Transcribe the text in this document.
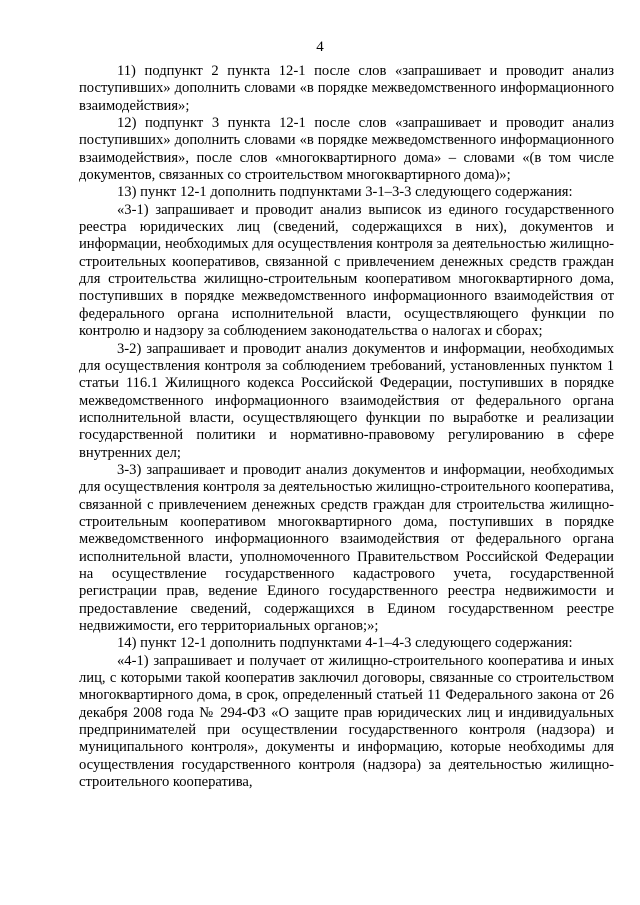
4

11) подпункт 2 пункта 12-1 после слов «запрашивает и проводит анализ поступивших» дополнить словами «в порядке межведомственного информационного взаимодействия»;

12) подпункт 3 пункта 12-1 после слов «запрашивает и проводит анализ поступивших» дополнить словами «в порядке межведомственного информационного взаимодействия», после слов «многоквартирного дома» – словами «(в том числе документов, связанных со строительством многоквартирного дома)»;

13) пункт 12-1 дополнить подпунктами 3-1–3-3 следующего содержания:

«3-1) запрашивает и проводит анализ выписок из единого государственного реестра юридических лиц (сведений, содержащихся в них), документов и информации, необходимых для осуществления контроля за деятельностью жилищно-строительных кооперативов, связанной с привлечением денежных средств граждан для строительства жилищно-строительным кооперативом многоквартирного дома, поступивших в порядке межведомственного информационного взаимодействия от федерального органа исполнительной власти, осуществляющего функции по контролю и надзору за соблюдением законодательства о налогах и сборах;

3-2) запрашивает и проводит анализ документов и информации, необходимых для осуществления контроля за соблюдением требований, установленных пунктом 1 статьи 116.1 Жилищного кодекса Российской Федерации, поступивших в порядке межведомственного информационного взаимодействия от федерального органа исполнительной власти, осуществляющего функции по выработке и реализации государственной политики и нормативно-правовому регулированию в сфере внутренних дел;

3-3) запрашивает и проводит анализ документов и информации, необходимых для осуществления контроля за деятельностью жилищно-строительного кооператива, связанной с привлечением денежных средств граждан для строительства жилищно-строительным кооперативом многоквартирного дома, поступивших в порядке межведомственного информационного взаимодействия от федерального органа исполнительной власти, уполномоченного Правительством Российской Федерации на осуществление государственного кадастрового учета, государственной регистрации прав, ведение Единого государственного реестра недвижимости и предоставление сведений, содержащихся в Едином государственном реестре недвижимости, его территориальных органов;»;

14) пункт 12-1 дополнить подпунктами 4-1–4-3 следующего содержания:

«4-1) запрашивает и получает от жилищно-строительного кооператива и иных лиц, с которыми такой кооператив заключил договоры, связанные со строительством многоквартирного дома, в срок, определенный статьей 11 Федерального закона от 26 декабря 2008 года № 294-ФЗ «О защите прав юридических лиц и индивидуальных предпринимателей при осуществлении государственного контроля (надзора) и муниципального контроля», документы и информацию, которые необходимы для осуществления государственного контроля (надзора) за деятельностью жилищно-строительного кооператива,
